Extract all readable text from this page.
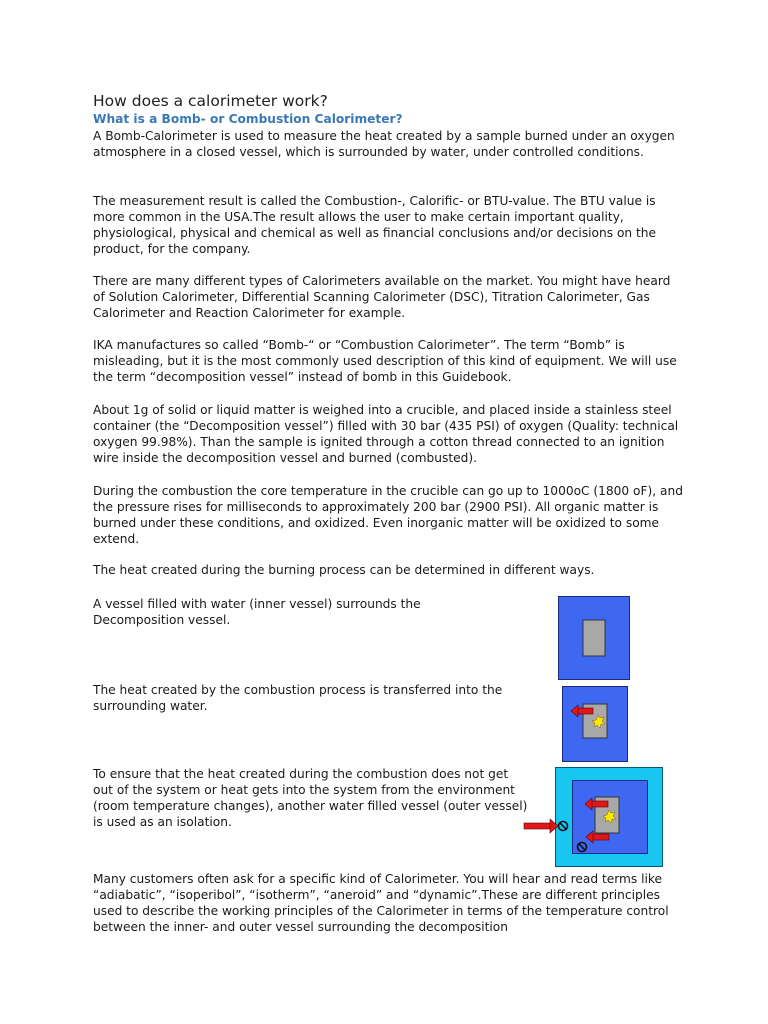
How does a calorimeter work?
What is a Bomb- or Combustion Calorimeter?

A Bomb-Calorimeter is used to measure the heat created by a sample burned under an oxygen atmosphere in a closed vessel, which is surrounded by water, under controlled conditions.

The measurement result is called the Combustion-, Calorific- or BTU-value. The BTU value is more common in the USA.The result allows the user to make certain important quality, physiological, physical and chemical as well as financial conclusions and/or decisions on the product, for the company.

There are many different types of Calorimeters available on the market. You might have heard of Solution Calorimeter, Differential Scanning Calorimeter (DSC), Titration Calorimeter, Gas Calorimeter and Reaction Calorimeter for example.

IKA manufactures so called “Bomb-“ or “Combustion Calorimeter”. The term “Bomb” is misleading, but it is the most commonly used description of this kind of equipment. We will use the term “decomposition vessel” instead of bomb in this Guidebook.

About 1g of solid or liquid matter is weighed into a crucible, and placed inside a stainless steel container (the “Decomposition vessel”) filled with 30 bar (435 PSI) of oxygen (Quality: technical oxygen 99.98%). Than the sample is ignited through a cotton thread connected to an ignition wire inside the decomposition vessel and burned (combusted).

During the combustion the core temperature in the crucible can go up to 1000oC (1800 oF), and the pressure rises for milliseconds to approximately 200 bar (2900 PSI). All organic matter is burned under these conditions, and oxidized. Even inorganic matter will be oxidized to some extend.

The heat created during the burning process can be determined in different ways.

A vessel filled with water (inner vessel) surrounds the Decomposition vessel.

The heat created by the combustion process is transferred into the surrounding water.

To ensure that the heat created during the combustion does not get out of the system or heat gets into the system from the environment (room temperature changes), another water filled vessel (outer vessel) is used as an isolation.

Many customers often ask for a specific kind of Calorimeter. You will hear and read terms like “adiabatic”, “isoperibol”, “isotherm”, “aneroid” and “dynamic”.These are different principles used to describe the working principles of the Calorimeter in terms of the temperature control between the inner- and outer vessel surrounding the decomposition
